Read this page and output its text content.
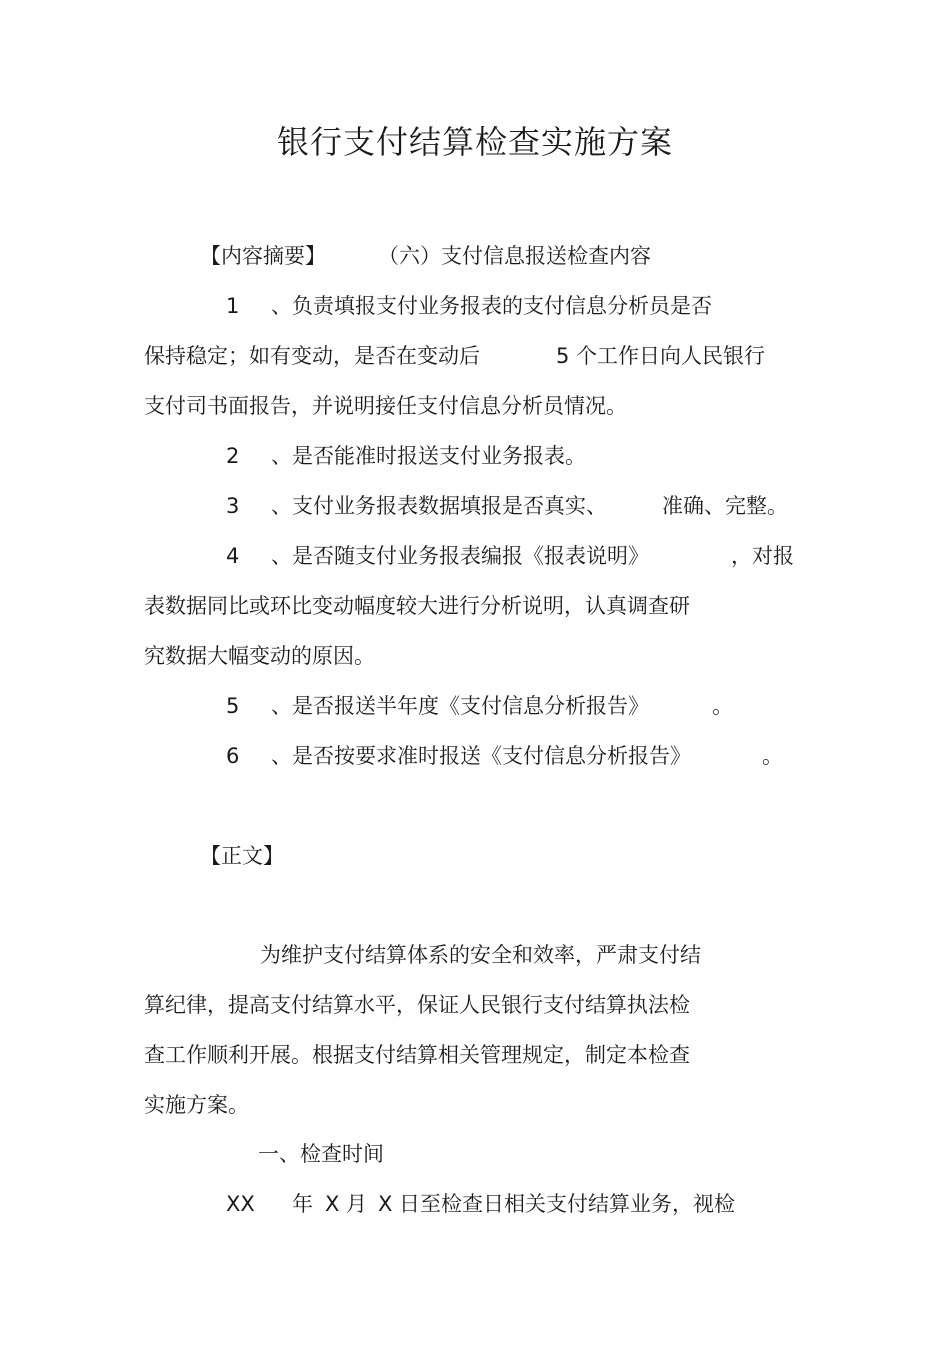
银行支付结算检查实施方案
【内容摘要】 （六）支付信息报送检查内容
1 、负责填报支付业务报表的支付信息分析员是否
保持稳定；如有变动，是否在变动后	5 个工作日向人民银行
支付司书面报告，并说明接任支付信息分析员情况。
2 、是否能准时报送支付业务报表。
3 、支付业务报表数据填报是否真实、	准确、完整。
4 、是否随支付业务报表编报《报表说明》	，对报
表数据同比或环比变动幅度较大进行分析说明，认真调查研
究数据大幅变动的原因。
5 、是否报送半年度《支付信息分析报告》	。
6 、是否按要求准时报送《支付信息分析报告》	。
【正文】
为维护支付结算体系的安全和效率，严肃支付结
算纪律，提高支付结算水平，保证人民银行支付结算执法检
查工作顺利开展。根据支付结算相关管理规定，制定本检查
实施方案。
一、检查时间
XX 年 X 月 X 日至检查日相关支付结算业务，视检
